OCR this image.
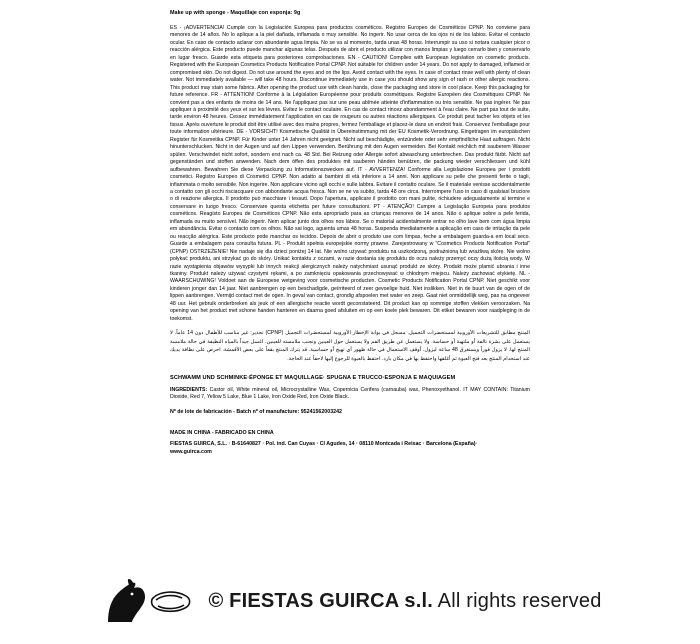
Make up with sponge - Maquillaje con esponja: 9g
ES - ¡ADVERTENCIA! Cumple con la Legislación Europea para productos cosméticos. Registro Europeo de Cosméticos CPNP. No conviene para menores de 14 años. No lo aplique a la piel dañada, inflamada o muy sensible. No ingerir. No usar cerca de los ojos ni de los labios. Evitar el contacto ocular. En caso de contacto aclarar con abundante agua limpia. No se va al momento, tarda unas 48 horas. Interrumpir su uso si notara cualquier picor o reacción alérgica. Este producto puede manchar algunas telas. Después de abrir el producto utilizar con manos limpias y luego cerrarlo bien y conservarlo en lugar fresco. Guarde esta etiqueta para posteriores comprobaciones. EN - CAUTION! Complies with European legislation on cosmetic products. Registered with the European Cosmetics Products Notification Portal CPNP. Not suitable for children under 14 years. Do not apply to damaged, inflamed or compromised skin. Do not digest. Do not use around the eyes and on the lips. Avoid contact with the eyes. In case of contact rinse well with plenty of clean water. Not immediately available — will take 48 hours. Discontinue immediately use in case you should show any sign of rash or other allergic reactions. This product may stain some fabrics. After opening the product use with clean hands, close the packaging and store in cool place. Keep this packaging for future reference. FR - ATTENTION! Conforme à la Législation Européenne pour produits cosmétiques. Registre Européen des Cosmétiques CPNP. Ne convient pas a des enfants de moins de 14 ans. Ne l'appliquez pas sur une peau abîmée atteinte d'inflammation ou très sensible. Ne pas ingérer. Ne pas appliquer à proximité des yeux et sur les lèvres. Evitez le contact oculaire. En cas de contact rincez abondamment à l'eau claire. Ne part pas tout de suite, tarde environ 48 heures. Cessez immédiatement l'application en cas de rougeurs ou autres réactions allergiques. Ce produit peut tacher les objets et les tissus. Après ouverture le produit doit être utilisé avec des mains propres, fermez l'emballage et placez-le dans un endroit frais. Conservez l'emballage pour toute information ultérieure. DE - VORSICHT! Kosmetische Qualität in Übereinstimmung mit der EU Kosmetik-Verordnung. Eingetragen im europäischen Register für Kosmetika CPNP. Für Kinder unter 14 Jahren nicht geeignet. Nicht auf beschädigte, entzündete oder sehr empfindliche Haut auftragen. Nicht hinunterschlucken. Nicht in der Augen und auf den Lippen verwenden. Berührung mit den Augen vermeiden. Bei Kontakt reichlich mit sauberem Wasser spülen. Verschwindet nicht sofort, sondern erst nach ca. 48 Std. Bei Reizung oder Allergie sofort abwaschung unterbrechen. Das produkt färbt. Nicht auf gegenständen und stoffen anwenden. Nach dem öffen des produktes mit sauberen händen benützen, die packung wieder verschliessen und kühl aufbewahren. Bewahren Sie diese Verpackung zu Informationszwecken auf. IT - AVVERTENZA! Conforme alla Legislazione Europea per i prodotti cosmetici. Registro Europeo di Cosmetici CPNP. Non adatto ai bambini di età inferiore a 14 anni. Non applicare su pelle che presenti ferite o tagli, infiammata o molto sensibile. Non ingerire. Non applicare vicino agli occhi e sulle labbra. Evitare il contatto oculare. Se il materiale venisse accidentalmente a contatto con gli occhi risciacquare con abbondante acqua fresca. Non se ne va subito, tarda 48 ore circa. Interrompere l'uso in caso di qualsiasi bruciore o di reazione allergica. Il prodotto può macchiare i tessuti. Dopo l'apertura, applicare il prodotto con mani pulite, richiudere adeguatamente al termine e conservare in luogo fresco. Conservare questa etichetta per future consultazioni. PT - ATENÇÃO! Cumpre a Legislação Europeia para produtos cosméticos. Reagisto Europeu de Cosméticos CPNP. Não esta apropriado para as crianças menores de 14 anos. Não o aplique sobre a pele ferida, inflamada ou muito sensível. Não ingerir. Nem aplicar junto dos olhos nos lábios. Se o matorial acidentalmente entrar no olho lave bem com água limpia em abundância. Evitar o contacto com os olhos. Não sai logo, aguenta umas 48 horas. Suspenda imediatamente a aplicação em caso de irritação da pele ou reacção alérgrica. Este producto pode manchar os tecidos. Depois de abrir o produto use com limpas, feche a embalagem guarda-a em local seco. Guarde a embalagem para consulta futura. PL - Produkt spełnia europejskie normy prawne. Zarejestrowany w "Cosmetics Products Notification Portal" (CPNP) OSTRZEŻENIE! Nie nadaje się dla dzieci poniżej 14 lat. Nie wolno używać produktu na uszkodzoną, podrażnioną lub wrażliwą skórę. Nie wolno połykać produktu, ani strzykać go do skóry. Unikać kontaktu z oczami, w razie dostania się produktu do oczu należy przemyć oczy dużą ilością wody. W razie wystąpienia objawów wysypki lub innych reakcji alergicznych należy natychmiast usunąć produkt ze skóry. Produkt może plamić ubrania i inne tkaniny. Produkt należy używać czystymi rękami, a po zamknięciu opakowania przechowywać w chłodnym miejscu. Należy zachować etykietę. NL - WAARSCHUWING! Voldoet aan de Europese wetgeving voor cosmetische producten. Cosmetic Products Notification Portal CPNP. Niet geschikt voor kinderen jonger dan 14 jaar. Niet aanbrengen op een beschadigde, geïrriteerd of zeer gevoelige huid. Niet inslikken. Niet in de buurt van de ogen of de lippen aanbrengen. Vermijd contact met de ogen. In geval van contact, grondig afspoelen met water en zeep. Gaat niet onmiddellijk weg, pas na ongeveer 48 uur. Het gebruik onderbreken als jeuk of een allergische reactie wordt geconstateerd. Dit product kan op sommige stoffen vlekken veroorzaken. Na opening van het product met schone handen hanteren en daarna goed afsluiten en op een koele plek bewaren. Dit etiket bewaren voor raadpleging in de toekomst.
ﺍﻟﻤﻨﺘﺞ ﻣﻄﺎﺑﻖ ﻟﻠﺘﺸﺮﻳﻌﺎﺕ ﺍﻷﻭﺭﻭﺑﻴﺔ ﻟﻤﺴﺘﺤﻀﺮﺍﺕ ﺍﻟﺘﺠﻤﻴﻞ. ﻣﺴﺠﻞ ﻓﻲ ﺑﻮﺍﺑﺔ ﺍﻹﺧﻄﺎﺭ ﺍﻷﻭﺭﻭﺑﻴﺔ ﻟﻤﺴﺘﺤﻀﺮﺍﺕ ﺍﻟﺘﺠﻤﻴﻞ (CPNP) ﺗﺤﺬﻳﺮ: ﻏﻴﺮ ﻣﻨﺎﺳﺐ ﻟﻸﻃﻔﺎﻝ ﺩﻭﻥ 14 ﻋﺎﻣﺎً. ﻻ ﻳﺴﺘﻌﻤﻞ ﻋﻠﻰ ﺑﺸﺮﺓ ﺗﺎﻟﻔﺔ ﺃﻭ ﻣﻠﺘﻬﺒﺔ ﺃﻭ ﺣﺴﺎﺳﺔ. ﻭﻻ ﻳﺴﺘﻌﻤﻞ ﻋﻦ ﻃﺮﻳﻖ ﺍﻟﻔﻢ ﻭﻻ ﻳﺴﺘﻌﻤﻞ ﺣﻮﻝ ﺍﻟﻌﻴﻨﻴﻦ ﻭﺗﺠﻨﺐ ﻣﻼﻣﺴﺘﻪ ﻟﻠﻌﻴﻨﻴﻦ. ﺍﻏﺴﻞ ﺟﻴﺪﺍً ﺑﺎﻟﻤﻴﺎﻩ ﺍﻟﻨﻈﻴﻔﺔ ﻓﻲ ﺣﺎﻟﺔ ﻣﻼﻣﺴﺔ ﺍﻟﻤﻨﺘﺞ ﻟﻬﺎ. ﻻ ﻳﺰﻭﻝ ﻓﻮﺭﺍً ﻭﻳﺴﺘﻐﺮﻕ 48 ﺳﺎﻋﺔ ﻟﻴﺰﻭﻝ. ﺃﻭﻗﻒ ﺍﻻﺳﺘﻌﻤﺎﻝ ﻓﻲ ﺣﺎﻟﺔ ﻇﻬﻮﺭ ﺃﻱ ﺗﻬﻴﺞ ﺃﻭ ﺣﺴﺎﺳﻴﺔ. ﻗﺪ ﻳﺘﺮﻙ ﺍﻟﻤﻨﺘﺞ ﺑﻘﻌﺎً ﻋﻠﻰ ﺑﻌﺾ ﺍﻷﻗﻤﺸﺔ. ﺍﺣﺮﺹ ﻋﻠﻰ ﻧﻈﺎﻓﺔ ﻳﺪﻳﻚ ﻋﻨﺪ ﺍﺳﺘﺨﺪﺍﻡ ﺍﻟﻤﻨﺘﺞ ﺑﻌﺪ ﻓﺘﺢ ﺍﻟﻌﺒﻮﺓ ﺛﻢ ﺃﻏﻠﻘﻬﺎ ﻭﺍﺣﺘﻔﻆ ﺑﻬﺎ ﻓﻲ ﻣﻜﺎﻥ ﺑﺎﺭﺩ. ﺍﺣﺘﻔﻆ ﺑﺎﻟﻌﺒﻮﺓ ﻟﻠﺮﺟﻮﻉ ﺇﻟﻴﻬﺎ ﻻﺣﻘﺎً ﻋﻨﺪ ﺍﻟﺤﺎﺟﺔ.
SCHWAMM UND SCHMINKE·ÉPONGE ET MAQUILLAGE· SPUGNA E TRUCCO·ESPONJA E MAQUIAGEM
INGREDIENTS: Castor oil, White mineral oil, Microcrystalline Wax, Copernicia Cerifera (carnauba) wax, Phenoxyethanol. IT MAY CONTAIN: Titanium Dioxide, Red 7, Yellow 5 Lake, Blue 1 Lake, Iron Oxide Red, Iron Oxide Black.
Nº de lote de fabricación - Batch nº of manufacture: 95241562003242
MADE IN CHINA - FABRICADO EN CHINA
FIESTAS GUIRCA, S.L. · B-61640827 · Pol. ind. Can Cuyas · Cl Agudes, 14 · 08110 Montcada i Reixac · Barcelona (España)·
www.guirca.com
© FIESTAS GUIRCA s.l. All rights reserved
